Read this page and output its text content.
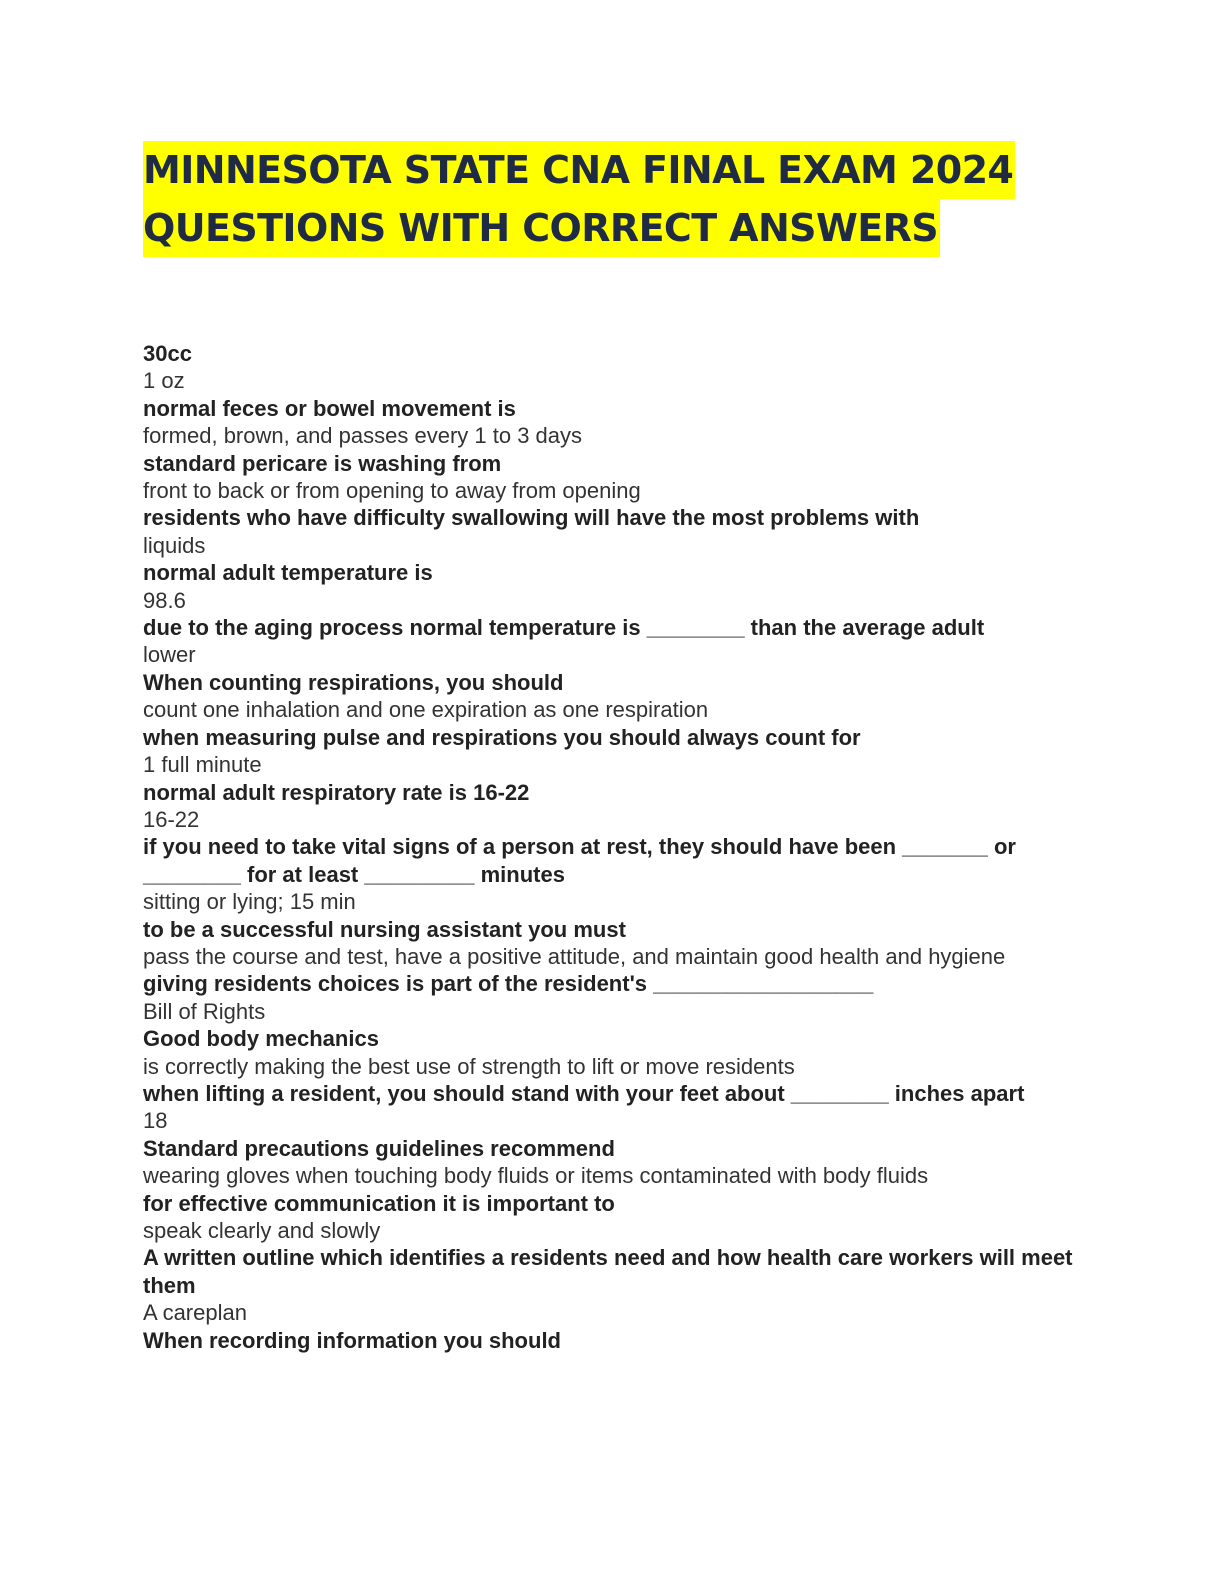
MINNESOTA STATE CNA FINAL EXAM 2024
QUESTIONS WITH CORRECT ANSWERS
30cc
1 oz
normal feces or bowel movement is
formed, brown, and passes every 1 to 3 days
standard pericare is washing from
front to back or from opening to away from opening
residents who have difficulty swallowing will have the most problems with
liquids
normal adult temperature is
98.6
due to the aging process normal temperature is ________ than the average adult
lower
When counting respirations, you should
count one inhalation and one expiration as one respiration
when measuring pulse and respirations you should always count for
1 full minute
normal adult respiratory rate is 16-22
16-22
if you need to take vital signs of a person at rest, they should have been _______ or ________ for at least _________ minutes
sitting or lying; 15 min
to be a successful nursing assistant you must
pass the course and test, have a positive attitude, and maintain good health and hygiene
giving residents choices is part of the resident's __________________
Bill of Rights
Good body mechanics
is correctly making the best use of strength to lift or move residents
when lifting a resident, you should stand with your feet about ________ inches apart
18
Standard precautions guidelines recommend
wearing gloves when touching body fluids or items contaminated with body fluids
for effective communication it is important to
speak clearly and slowly
A written outline which identifies a residents need and how health care workers will meet them
A careplan
When recording information you should
